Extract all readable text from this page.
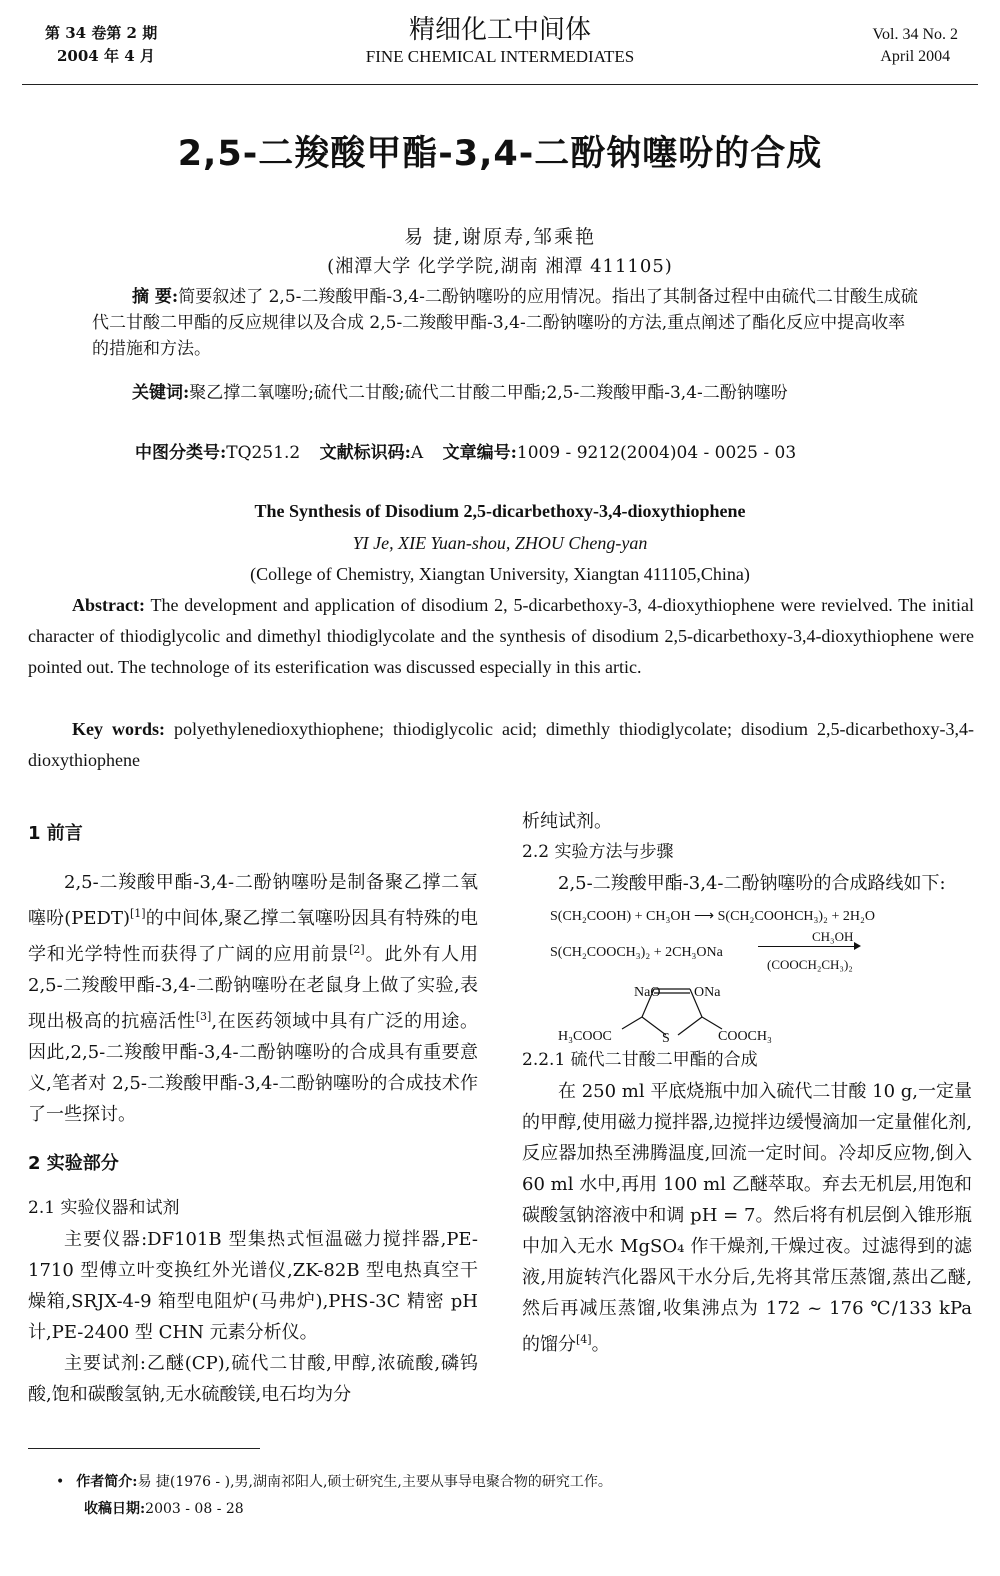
第 34 卷第 2 期
2004 年 4 月
精细化工中间体
FINE CHEMICAL INTERMEDIATES
Vol. 34 No. 2
April 2004
2,5-二羧酸甲酯-3,4-二酚钠噻吩的合成
易 捷,谢原寿,邹乘艳
(湘潭大学 化学学院,湖南 湘潭 411105)
摘 要:简要叙述了 2,5-二羧酸甲酯-3,4-二酚钠噻吩的应用情况。指出了其制备过程中由硫代二甘酸生成硫代二甘酸二甲酯的反应规律以及合成 2,5-二羧酸甲酯-3,4-二酚钠噻吩的方法,重点阐述了酯化反应中提高收率的措施和方法。
关键词:聚乙撑二氧噻吩;硫代二甘酸;硫代二甘酸二甲酯;2,5-二羧酸甲酯-3,4-二酚钠噻吩
中图分类号:TQ251.2 文献标识码:A 文章编号:1009 - 9212(2004)04 - 0025 - 03
The Synthesis of Disodium 2,5-dicarbethoxy-3,4-dioxythiophene
YI Je, XIE Yuan-shou, ZHOU Cheng-yan
(College of Chemistry, Xiangtan University, Xiangtan 411105,China)
Abstract: The development and application of disodium 2, 5-dicarbethoxy-3, 4-dioxythiophene were revielved. The initial character of thiodiglycolic and dimethyl thiodiglycolate and the synthesis of disodium 2,5-dicarbethoxy-3,4-dioxythiophene were pointed out. The technologe of its esterification was discussed especially in this artic.
Key words: polyethylenedioxythiophene; thiodiglycolic acid; dimethly thiodiglycolate; disodium 2,5-dicarbethoxy-3,4-dioxythiophene
1 前言
2,5-二羧酸甲酯-3,4-二酚钠噻吩是制备聚乙撑二氧噻吩(PEDT)[1]的中间体,聚乙撑二氧噻吩因具有特殊的电学和光学特性而获得了广阔的应用前景[2]。此外有人用 2,5-二羧酸甲酯-3,4-二酚钠噻吩在老鼠身上做了实验,表现出极高的抗癌活性[3],在医药领域中具有广泛的用途。因此,2,5-二羧酸甲酯-3,4-二酚钠噻吩的合成具有重要意义,笔者对 2,5-二羧酸甲酯-3,4-二酚钠噻吩的合成技术作了一些探讨。
2 实验部分
2.1 实验仪器和试剂
主要仪器:DF101B 型集热式恒温磁力搅拌器,PE-1710 型傅立叶变换红外光谱仪,ZK-82B 型电热真空干燥箱,SRJX-4-9 箱型电阻炉(马弗炉),PHS-3C 精密 pH 计,PE-2400 型 CHN 元素分析仪。
主要试剂:乙醚(CP),硫代二甘酸,甲醇,浓硫酸,磷钨酸,饱和碳酸氢钠,无水硫酸镁,电石均为分
析纯试剂。
2.2 实验方法与步骤
2,5-二羧酸甲酯-3,4-二酚钠噻吩的合成路线如下:
S(CH₂COOH) + CH₃OH ⟶ S(CH₂COOHCH₃)₂ + 2H₂O
S(CH₂COOCH₃)₂ + 2CH₃ONa
CH₃OH
(COOCH₂CH₃)₂
NaO ONa
H₃COOC	S	COOCH₃
2.2.1 硫代二甘酸二甲酯的合成
在 250 ml 平底烧瓶中加入硫代二甘酸 10 g,一定量的甲醇,使用磁力搅拌器,边搅拌边缓慢滴加一定量催化剂,反应器加热至沸腾温度,回流一定时间。冷却反应物,倒入 60 ml 水中,再用 100 ml 乙醚萃取。弃去无机层,用饱和碳酸氢钠溶液中和调 pH = 7。然后将有机层倒入锥形瓶中加入无水 MgSO₄ 作干燥剂,干燥过夜。过滤得到的滤液,用旋转汽化器风干水分后,先将其常压蒸馏,蒸出乙醚,然后再减压蒸馏,收集沸点为 172 ~ 176 ℃/133 kPa 的馏分[4]。
• 作者简介:易 捷(1976 - ),男,湖南祁阳人,硕士研究生,主要从事导电聚合物的研究工作。
收稿日期:2003 - 08 - 28
